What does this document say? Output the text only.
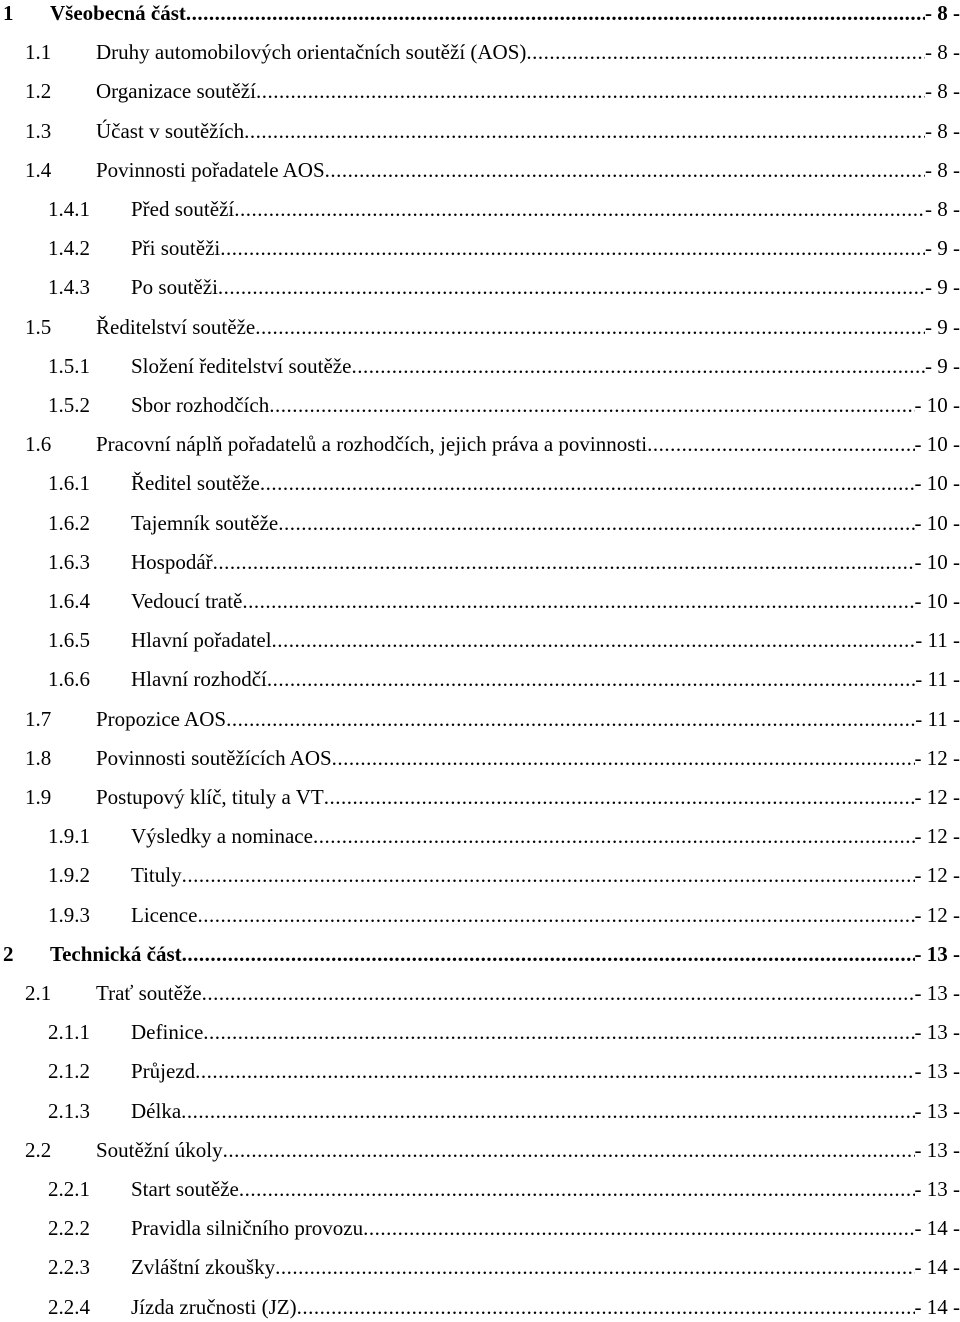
1 Všeobecná část .....	- 8 -
1.1 Druhy automobilových orientačních soutěží (AOS) .....	- 8 -
1.2 Organizace soutěží .....	- 8 -
1.3 Účast v soutěžích .....	- 8 -
1.4 Povinnosti pořadatele AOS .....	- 8 -
1.4.1 Před soutěží .....	- 8 -
1.4.2 Při soutěži .....	- 9 -
1.4.3 Po soutěži .....	- 9 -
1.5 Ředitelství soutěže .....	- 9 -
1.5.1 Složení ředitelství soutěže .....	- 9 -
1.5.2 Sbor rozhodčích .....	- 10 -
1.6 Pracovní náplň pořadatelů a rozhodčích, jejich práva a povinnosti .....	- 10 -
1.6.1 Ředitel soutěže .....	- 10 -
1.6.2 Tajemník soutěže .....	- 10 -
1.6.3 Hospodář .....	- 10 -
1.6.4 Vedoucí tratě .....	- 10 -
1.6.5 Hlavní pořadatel .....	- 11 -
1.6.6 Hlavní rozhodčí .....	- 11 -
1.7 Propozice AOS .....	- 11 -
1.8 Povinnosti soutěžících AOS .....	- 12 -
1.9 Postupový klíč, tituly a VT .....	- 12 -
1.9.1 Výsledky a nominace .....	- 12 -
1.9.2 Tituly .....	- 12 -
1.9.3 Licence .....	- 12 -
2 Technická část .....	- 13 -
2.1 Trať soutěže .....	- 13 -
2.1.1 Definice .....	- 13 -
2.1.2 Průjezd .....	- 13 -
2.1.3 Délka .....	- 13 -
2.2 Soutěžní úkoly .....	- 13 -
2.2.1 Start soutěže .....	- 13 -
2.2.2 Pravidla silničního provozu .....	- 14 -
2.2.3 Zvláštní zkoušky .....	- 14 -
2.2.4 Jízda zručnosti (JZ) .....	- 14 -
